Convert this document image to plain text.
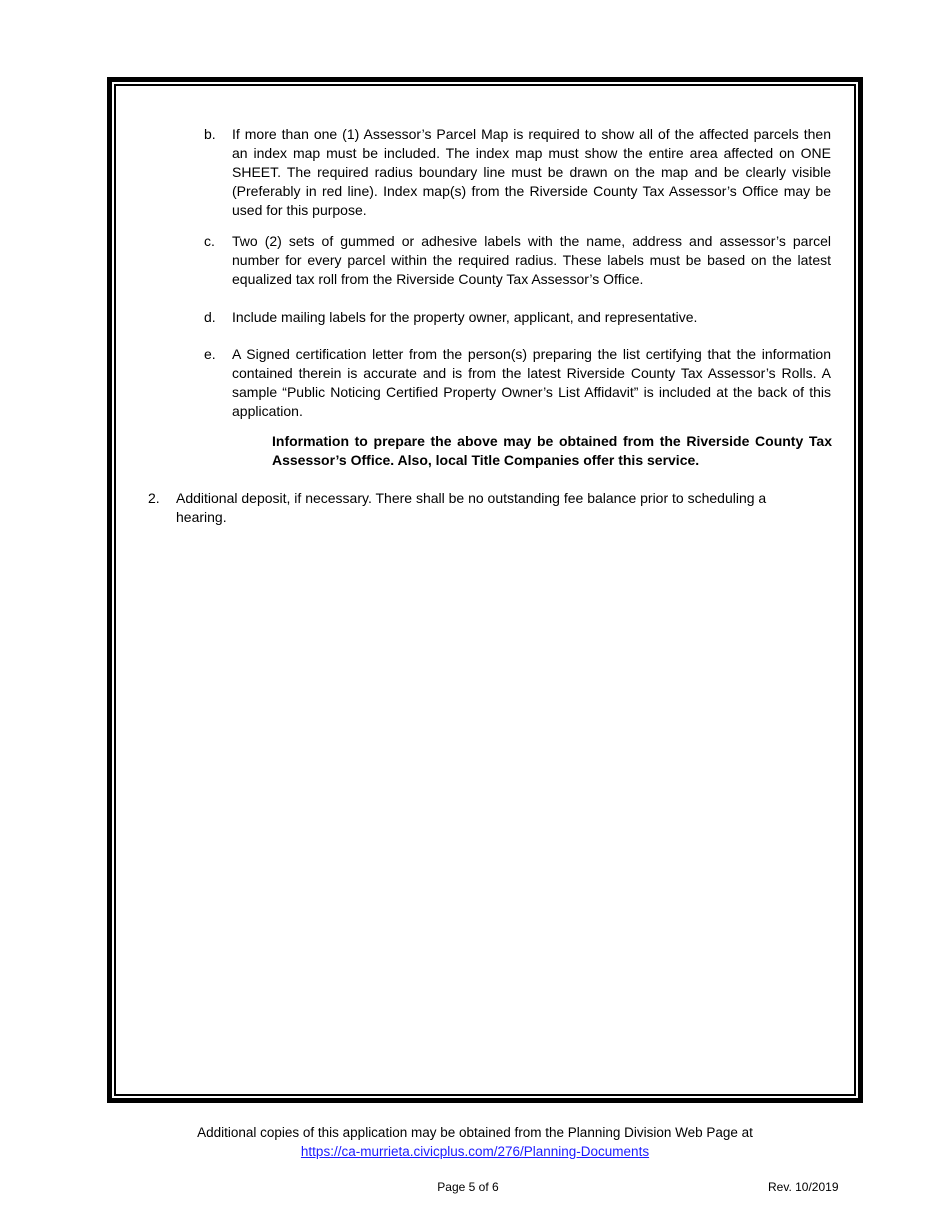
b.	If more than one (1) Assessor’s Parcel Map is required to show all of the affected parcels then an index map must be included. The index map must show the entire area affected on ONE SHEET. The required radius boundary line must be drawn on the map and be clearly visible (Preferably in red line). Index map(s) from the Riverside County Tax Assessor’s Office may be used for this purpose.
c.	Two (2) sets of gummed or adhesive labels with the name, address and assessor’s parcel number for every parcel within the required radius. These labels must be based on the latest equalized tax roll from the Riverside County Tax Assessor’s Office.
d.	Include mailing labels for the property owner, applicant, and representative.
e.	A Signed certification letter from the person(s) preparing the list certifying that the information contained therein is accurate and is from the latest Riverside County Tax Assessor’s Rolls. A sample “Public Noticing Certified Property Owner’s List Affidavit” is included at the back of this application.
Information to prepare the above may be obtained from the Riverside County Tax Assessor’s Office. Also, local Title Companies offer this service.
2. Additional deposit, if necessary. There shall be no outstanding fee balance prior to scheduling a hearing.
Additional copies of this application may be obtained from the Planning Division Web Page at
https://ca-murrieta.civicplus.com/276/Planning-Documents
Page 5 of 6	Rev. 10/2019
